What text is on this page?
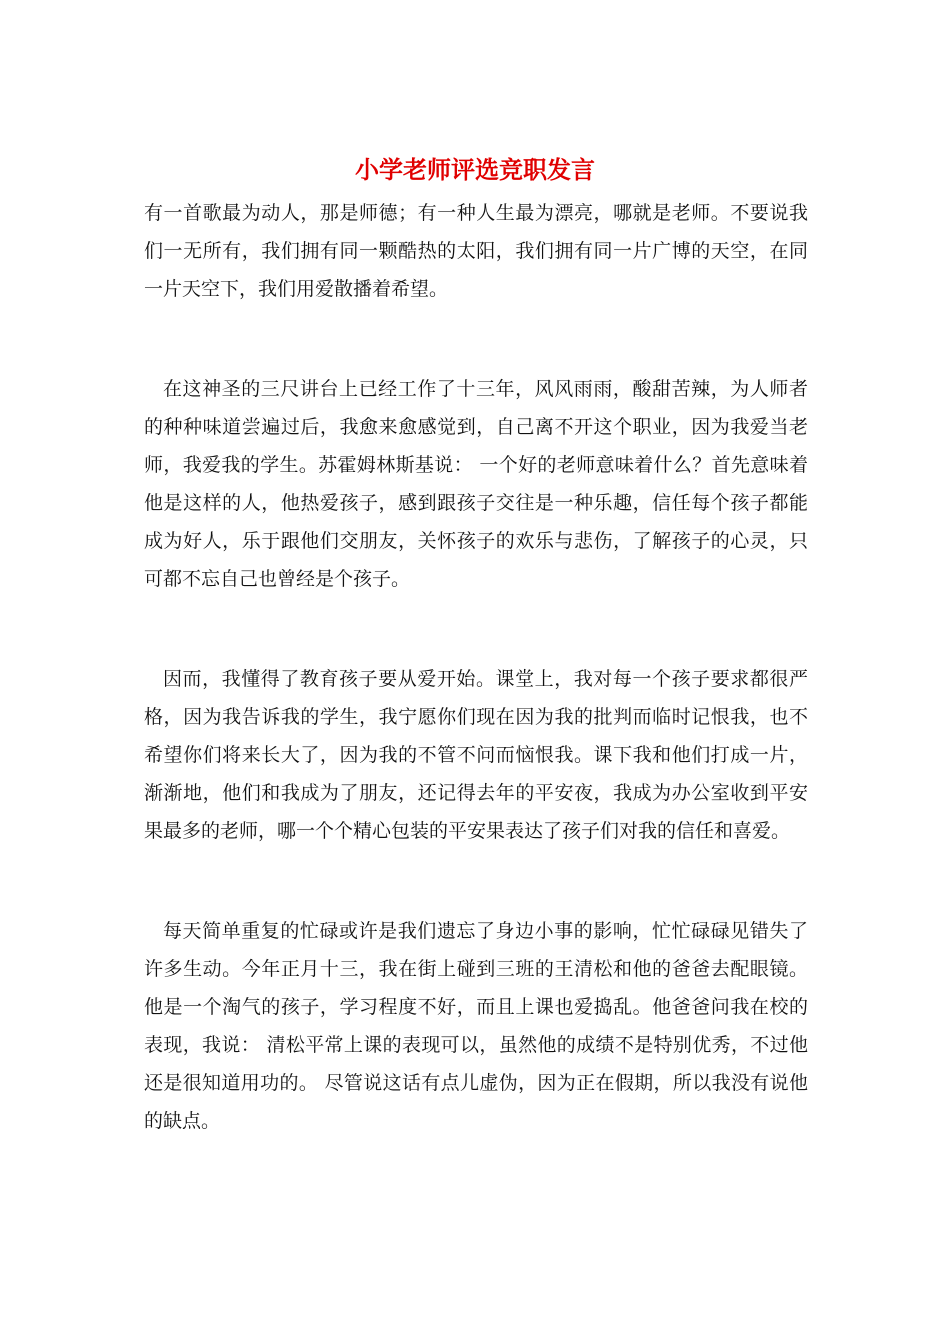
小学老师评选竞职发言

有一首歌最为动人，那是师德；有一种人生最为漂亮，哪就是老师。不要说我们一无所有，我们拥有同一颗酷热的太阳，我们拥有同一片广博的天空，在同一片天空下，我们用爱散播着希望。

在这神圣的三尺讲台上已经工作了十三年，风风雨雨，酸甜苦辣，为人师者的种种味道尝遍过后，我愈来愈感觉到，自己离不开这个职业，因为我爱当老师，我爱我的学生。苏霍姆林斯基说： 一个好的老师意味着什么？首先意味着他是这样的人，他热爱孩子，感到跟孩子交往是一种乐趣，信任每个孩子都能成为好人，乐于跟他们交朋友，关怀孩子的欢乐与悲伤，了解孩子的心灵，只可都不忘自己也曾经是个孩子。

因而，我懂得了教育孩子要从爱开始。课堂上，我对每一个孩子要求都很严格，因为我告诉我的学生，我宁愿你们现在因为我的批判而临时记恨我，也不希望你们将来长大了，因为我的不管不问而恼恨我。课下我和他们打成一片，渐渐地，他们和我成为了朋友，还记得去年的平安夜，我成为办公室收到平安果最多的老师，哪一个个精心包装的平安果表达了孩子们对我的信任和喜爱。

每天简单重复的忙碌或许是我们遗忘了身边小事的影响，忙忙碌碌见错失了许多生动。今年正月十三，我在街上碰到三班的王清松和他的爸爸去配眼镜。他是一个淘气的孩子，学习程度不好，而且上课也爱捣乱。他爸爸问我在校的表现，我说： 清松平常上课的表现可以，虽然他的成绩不是特别优秀，不过他还是很知道用功的。 尽管说这话有点儿虚伪，因为正在假期，所以我没有说他的缺点。
